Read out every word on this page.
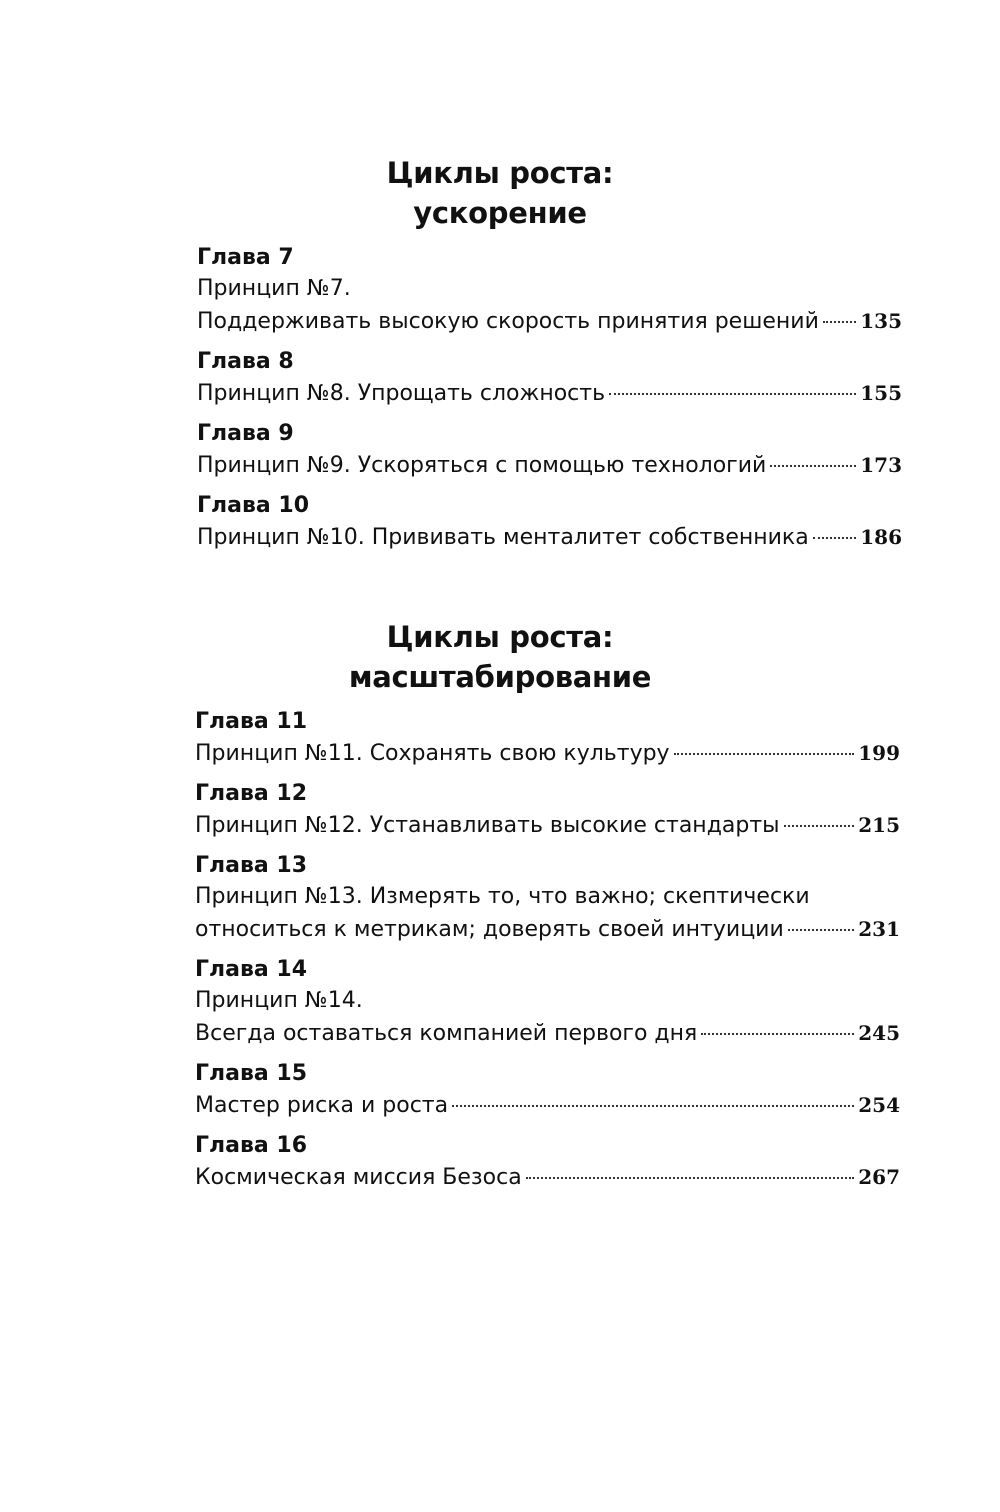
Циклы роста:
ускорение
Глава 7
Принцип №7.
Поддерживать высокую скорость принятия решений 135
Глава 8
Принцип №8. Упрощать сложность	155
Глава 9
Принцип №9. Ускоряться с помощью технологий	173
Глава 10
Принцип №10. Прививать менталитет собственника	186
Циклы роста:
масштабирование
Глава 11
Принцип №11. Сохранять свою культуру	199
Глава 12
Принцип №12. Устанавливать высокие стандарты	215
Глава 13
Принцип №13. Измерять то, что важно; скептически
относиться к метрикам; доверять своей интуиции	231
Глава 14
Принцип №14.
Всегда оставаться компанией первого дня	245
Глава 15
Мастер риска и роста	254
Глава 16
Космическая миссия Безоса	267
